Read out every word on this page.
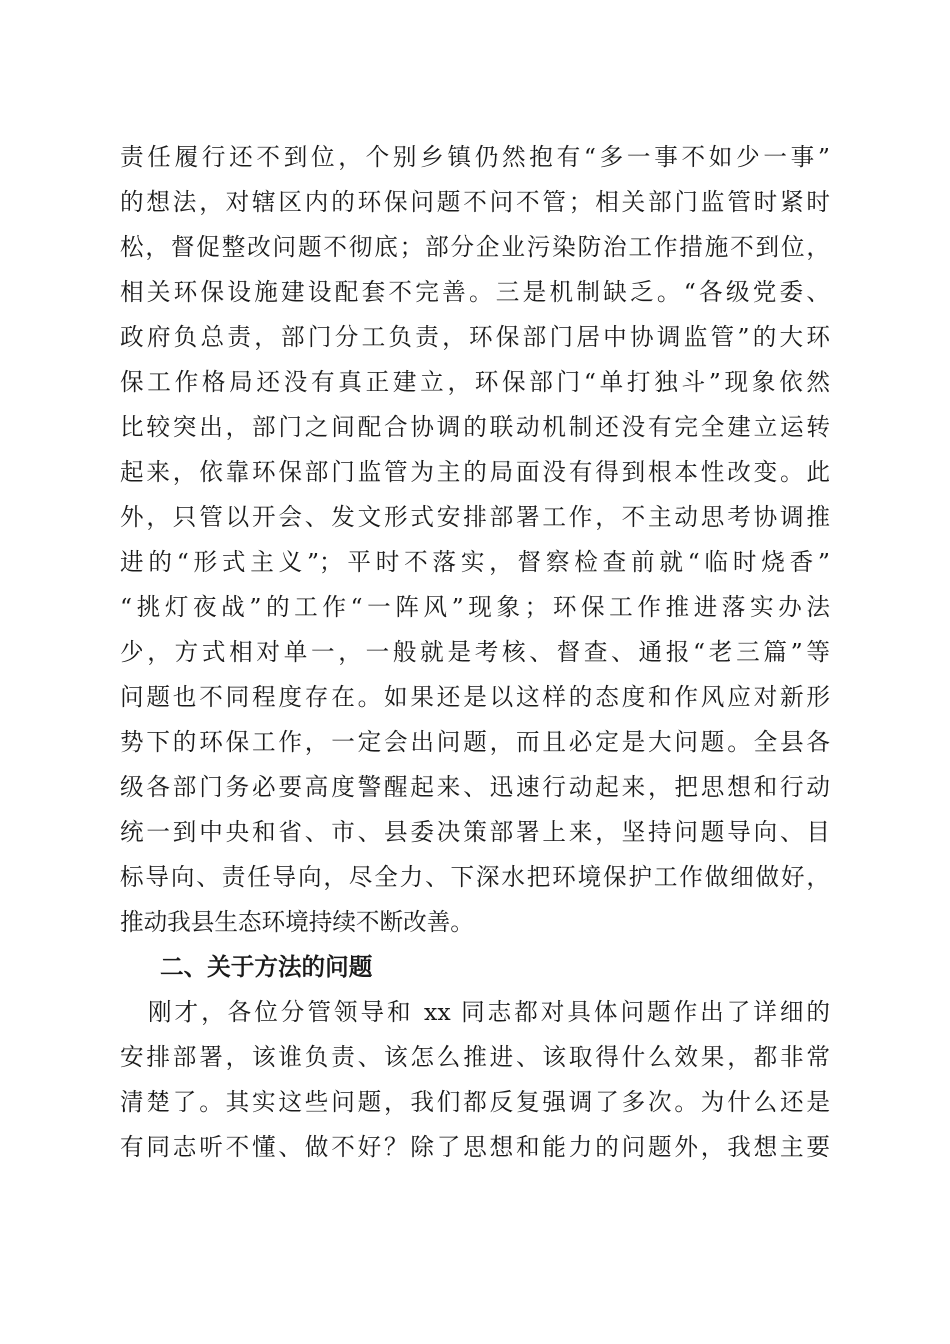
责任履行还不到位，个别乡镇仍然抱有“多一事不如少一事”
的想法，对辖区内的环保问题不问不管；相关部门监管时紧时
松，督促整改问题不彻底；部分企业污染防治工作措施不到位，
相关环保设施建设配套不完善。三是机制缺乏。“各级党委、
政府负总责，部门分工负责，环保部门居中协调监管”的大环
保工作格局还没有真正建立，环保部门“单打独斗”现象依然
比较突出，部门之间配合协调的联动机制还没有完全建立运转
起来，依靠环保部门监管为主的局面没有得到根本性改变。此
外，只管以开会、发文形式安排部署工作，不主动思考协调推
进的“形式主义”；平时不落实，督察检查前就“临时烧香”
“挑灯夜战”的工作“一阵风”现象；环保工作推进落实办法
少，方式相对单一，一般就是考核、督查、通报“老三篇”等
问题也不同程度存在。如果还是以这样的态度和作风应对新形
势下的环保工作，一定会出问题，而且必定是大问题。全县各
级各部门务必要高度警醒起来、迅速行动起来，把思想和行动
统一到中央和省、市、县委决策部署上来，坚持问题导向、目
标导向、责任导向，尽全力、下深水把环境保护工作做细做好，
推动我县生态环境持续不断改善。
二、关于方法的问题
刚才，各位分管领导和 xx 同志都对具体问题作出了详细的
安排部署，该谁负责、该怎么推进、该取得什么效果，都非常
清楚了。其实这些问题，我们都反复强调了多次。为什么还是
有同志听不懂、做不好？除了思想和能力的问题外，我想主要
